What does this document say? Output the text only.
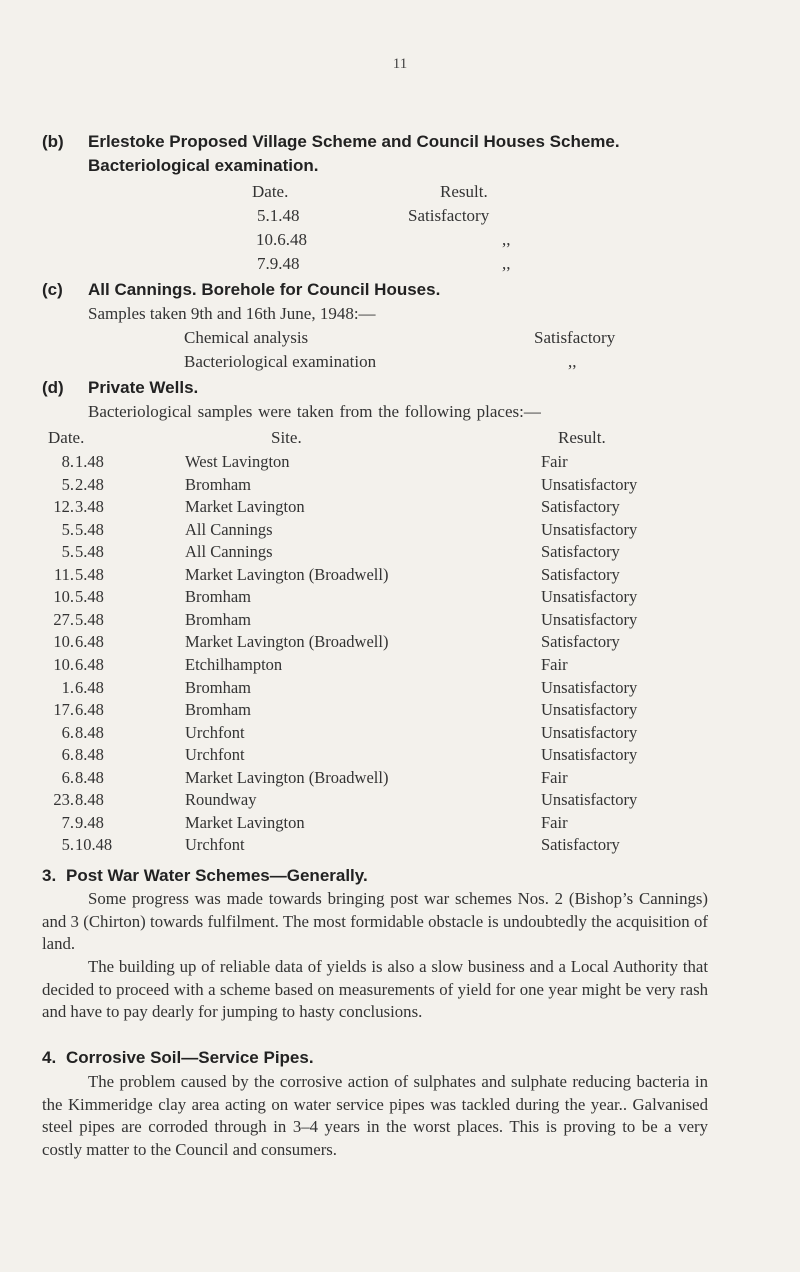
11
(b) Erlestoke Proposed Village Scheme and Council Houses Scheme.
Bacteriological examination.
Date.	Result.
5.1.48	Satisfactory
10.6.48	,,
7.9.48	,,
(c) All Cannings. Borehole for Council Houses.
Samples taken 9th and 16th June, 1948:—
Chemical analysis	Satisfactory
Bacteriological examination	,,
(d) Private Wells.
Bacteriological samples were taken from the following places:—
Date.	Site.	Result.
8. 1.48	West Lavington	Fair
5. 2.48	Bromham	Unsatisfactory
12. 3.48	Market Lavington	Satisfactory
5. 5.48	All Cannings	Unsatisfactory
5. 5.48	All Cannings	Satisfactory
11. 5.48	Market Lavington (Broadwell)	Satisfactory
10. 5.48	Bromham	Unsatisfactory
27. 5.48	Bromham	Unsatisfactory
10. 6.48	Market Lavington (Broadwell)	Satisfactory
10. 6.48	Etchilhampton	Fair
1. 6.48	Bromham	Unsatisfactory
17. 6.48	Bromham	Unsatisfactory
6. 8.48	Urchfont	Unsatisfactory
6. 8.48	Urchfont	Unsatisfactory
6. 8.48	Market Lavington (Broadwell)	Fair
23. 8.48	Roundway	Unsatisfactory
7. 9.48	Market Lavington	Fair
5. 10.48	Urchfont	Satisfactory
3. Post War Water Schemes—Generally.
Some progress was made towards bringing post war schemes Nos. 2 (Bishop’s Cannings) and 3 (Chirton) towards fulfilment. The most formidable obstacle is undoubtedly the acquisition of land.
The building up of reliable data of yields is also a slow business and a Local Authority that decided to proceed with a scheme based on measurements of yield for one year might be very rash and have to pay dearly for jumping to hasty conclusions.
4. Corrosive Soil—Service Pipes.
The problem caused by the corrosive action of sulphates and sulphate reducing bacteria in the Kimmeridge clay area acting on water service pipes was tackled during the year.. Galvanised steel pipes are corroded through in 3–4 years in the worst places. This is proving to be a very costly matter to the Council and consumers.
